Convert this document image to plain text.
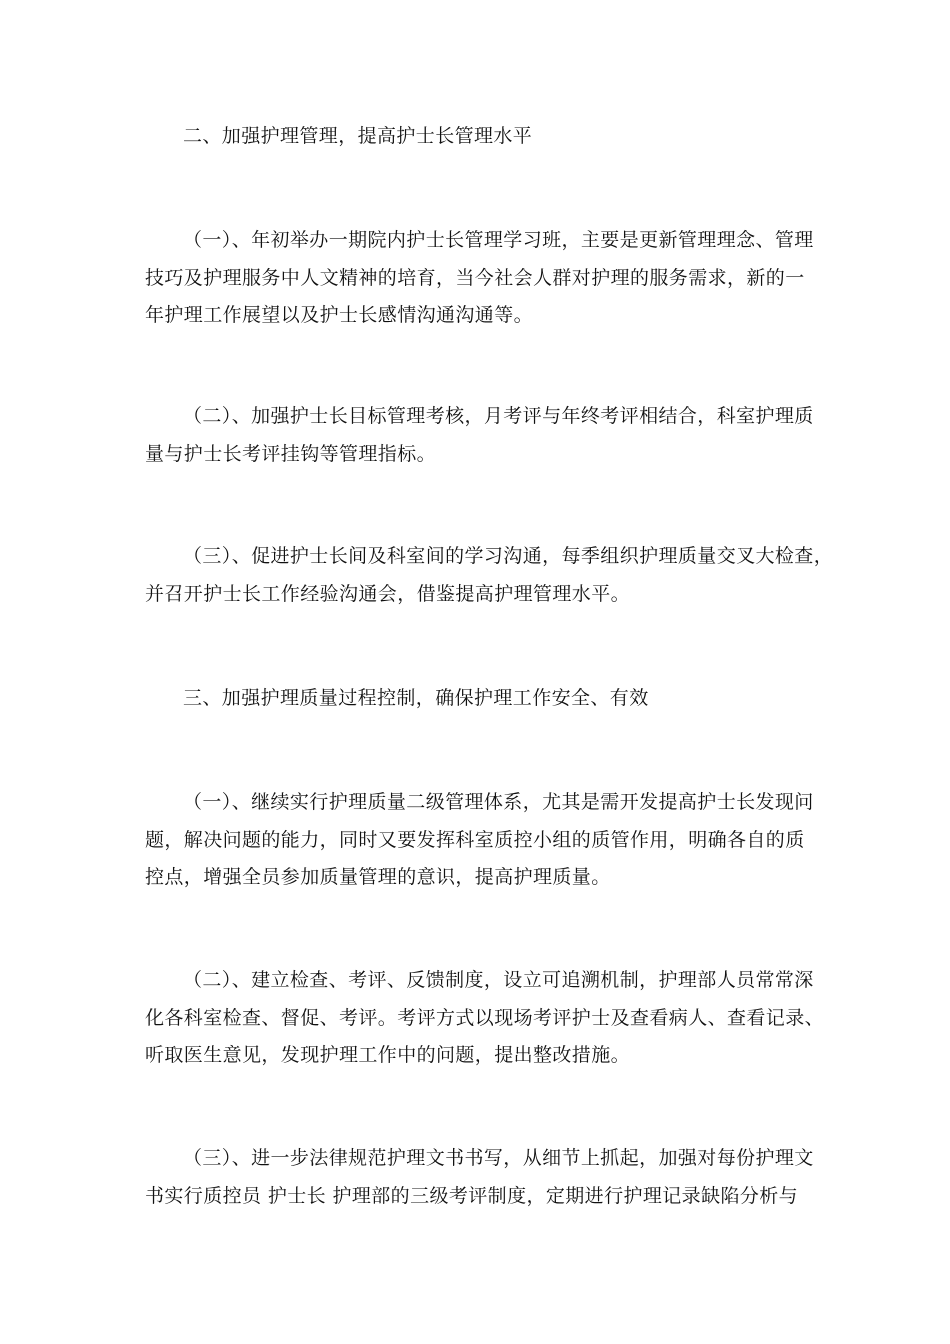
二、加强护理管理，提高护士长管理水平

（一）、年初举办一期院内护士长管理学习班，主要是更新管理理念、管理
技巧及护理服务中人文精神的培育，当今社会人群对护理的服务需求，新的一
年护理工作展望以及护士长感情沟通沟通等。

（二）、加强护士长目标管理考核，月考评与年终考评相结合，科室护理质
量与护士长考评挂钩等管理指标。

（三）、促进护士长间及科室间的学习沟通，每季组织护理质量交叉大检查，
并召开护士长工作经验沟通会，借鉴提高护理管理水平。

三、加强护理质量过程控制，确保护理工作安全、有效

（一）、继续实行护理质量二级管理体系，尤其是需开发提高护士长发现问
题，解决问题的能力，同时又要发挥科室质控小组的质管作用，明确各自的质
控点，增强全员参加质量管理的意识，提高护理质量。

（二）、建立检查、考评、反馈制度，设立可追溯机制，护理部人员常常深
化各科室检查、督促、考评。考评方式以现场考评护士及查看病人、查看记录、
听取医生意见，发现护理工作中的问题，提出整改措施。

（三）、进一步法律规范护理文书书写，从细节上抓起，加强对每份护理文
书实行质控员 护士长 护理部的三级考评制度，定期进行护理记录缺陷分析与
